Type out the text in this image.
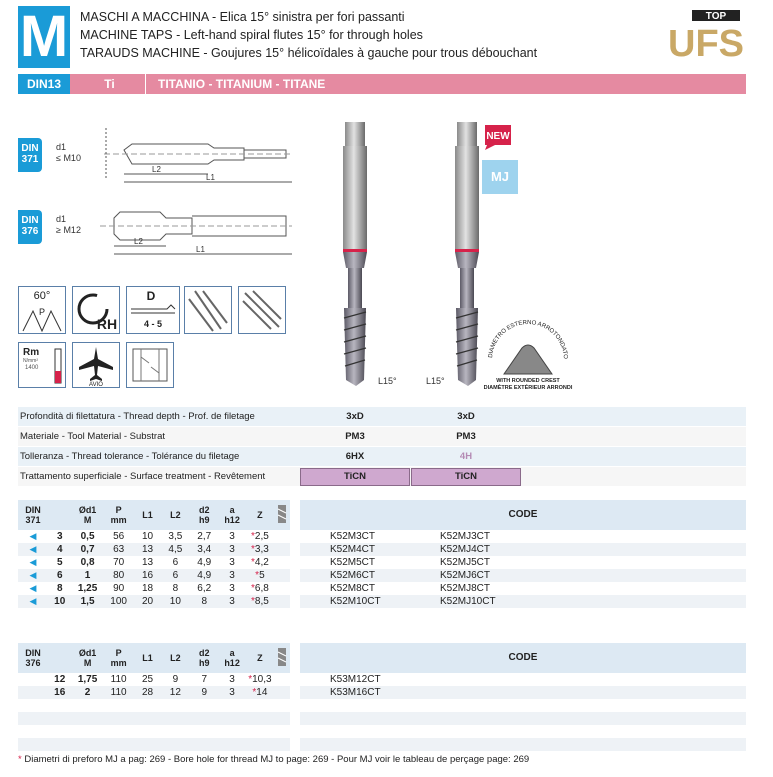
M MASCHI A MACCHINA - Elica 15° sinistra per fori passanti
MACHINE TAPS - Left-hand spiral flutes 15° for through holes
TARAUDS MACHINE - Goujures 15° hélicoïdales à gauche pour trous débouchant
TOP
UFS
DIN13	Ti	TITANIO - TITANIUM - TITANE
DIN
371
d1
≤ M10
L2
L1
DIN
376
d1
≥ M12
L2
L1
60°
P
RH
D
4 - 5
Rm
N/mm²
1400
AVIO	L15°	L15°
NEW
MJ
DIAMETRO ESTERNO ARROTONDATO
WITH ROUNDED CREST
DIAMÈTRE EXTÉRIEUR ARRONDI
Profondità di filettatura - Thread depth - Prof. de filetage	3xD	3xD
Materiale - Tool Material - Substrat	PM3	PM3
Tolleranza - Thread tolerance - Tolérance du filetage	6HX	4H
Trattamento superficiale - Surface treatment - Revêtement	TiCN	TiCN
DIN
371		Ød1
M	P
mm	L1	L2	d2
h9	a
h12	Z	
◀	3	0,5	56	10	3,5	2,7	3	*2,5	
◀	4	0,7	63	13	4,5	3,4	3	*3,3	
◀	5	0,8	70	13	6	4,9	3	*4,2	
◀	6	1	80	16	6	4,9	3	*5	
◀	8	1,25	90	18	8	6,2	3	*6,8	
◀	10	1,5	100	20	10	8	3	*8,5	
CODE
K52M3CT	K52MJ3CT
K52M4CT	K52MJ4CT
K52M5CT	K52MJ5CT
K52M6CT	K52MJ6CT
K52M8CT	K52MJ8CT
K52M10CT	K52MJ10CT
DIN
376		Ød1
M	P
mm	L1	L2	d2
h9	a
h12	Z	
	12	1,75	110	25	9	7	3	*10,3	
	16	2	110	28	12	9	3	*14	

CODE
K53M12CT
K53M16CT
* Diametri di preforo MJ a pag: 269 - Bore hole for thread MJ to page: 269 - Pour MJ voir le tableau de perçage page: 269
